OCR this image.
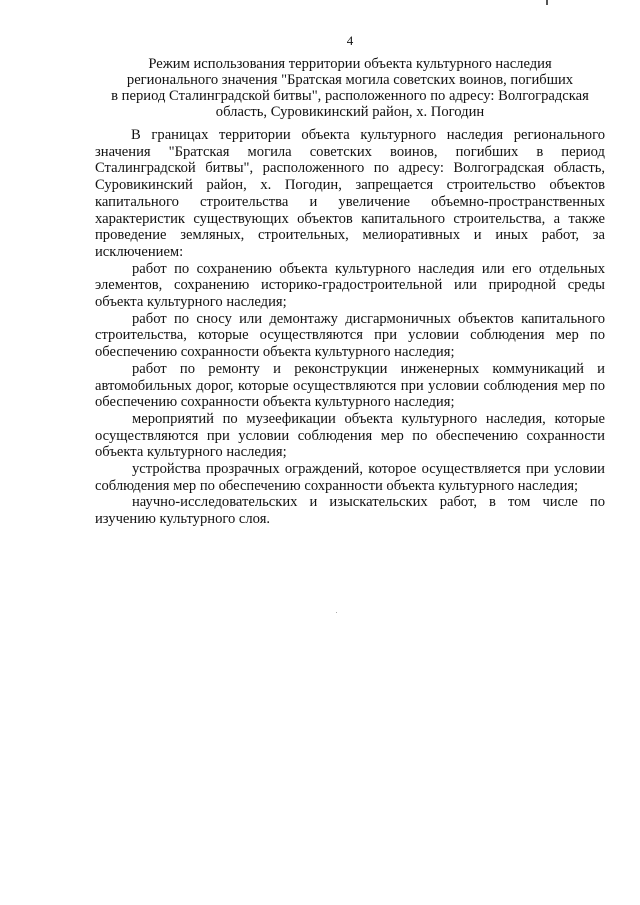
4
Режим использования территории объекта культурного наследия
регионального значения "Братская могила советских воинов, погибших
в период Сталинградской битвы", расположенного по адресу: Волгоградская
область, Суровикинский район, х. Погодин

В границах территории объекта культурного наследия регионального значения "Братская могила советских воинов, погибших в период Сталинградской битвы", расположенного по адресу: Волгоградская область, Суровикинский район, х. Погодин, запрещается строительство объектов капитального строительства и увеличение объемно-пространственных характеристик существующих объектов капитального строительства, а также проведение земляных, строительных, мелиоративных и иных работ, за исключением:

работ по сохранению объекта культурного наследия или его отдельных элементов, сохранению историко-градостроительной или природной среды объекта культурного наследия;

работ по сносу или демонтажу дисгармоничных объектов капитального строительства, которые осуществляются при условии соблюдения мер по обеспечению сохранности объекта культурного наследия;

работ по ремонту и реконструкции инженерных коммуникаций и автомобильных дорог, которые осуществляются при условии соблюдения мер по обеспечению сохранности объекта культурного наследия;

мероприятий по музеефикации объекта культурного наследия, которые осуществляются при условии соблюдения мер по обеспечению сохранности объекта культурного наследия;

устройства прозрачных ограждений, которое осуществляется при условии соблюдения мер по обеспечению сохранности объекта культурного наследия;

научно-исследовательских и изыскательских работ, в том числе по изучению культурного слоя.
